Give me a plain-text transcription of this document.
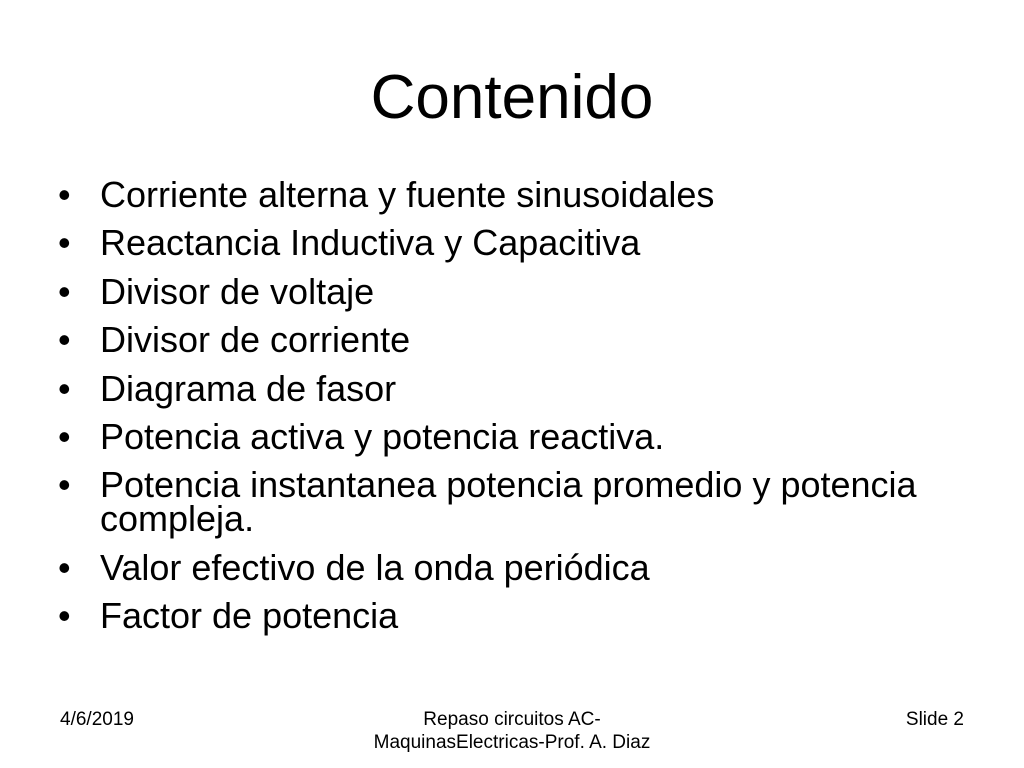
Contenido
• Corriente alterna y fuente sinusoidales
• Reactancia Inductiva y Capacitiva
• Divisor de voltaje
• Divisor de corriente
• Diagrama de fasor
• Potencia activa y potencia reactiva.
• Potencia instantanea potencia promedio y potencia compleja.
• Valor efectivo de la onda periódica
• Factor de potencia
4/6/2019	Repaso circuitos AC-
MaquinasElectricas-Prof. A. Diaz
Slide 2
